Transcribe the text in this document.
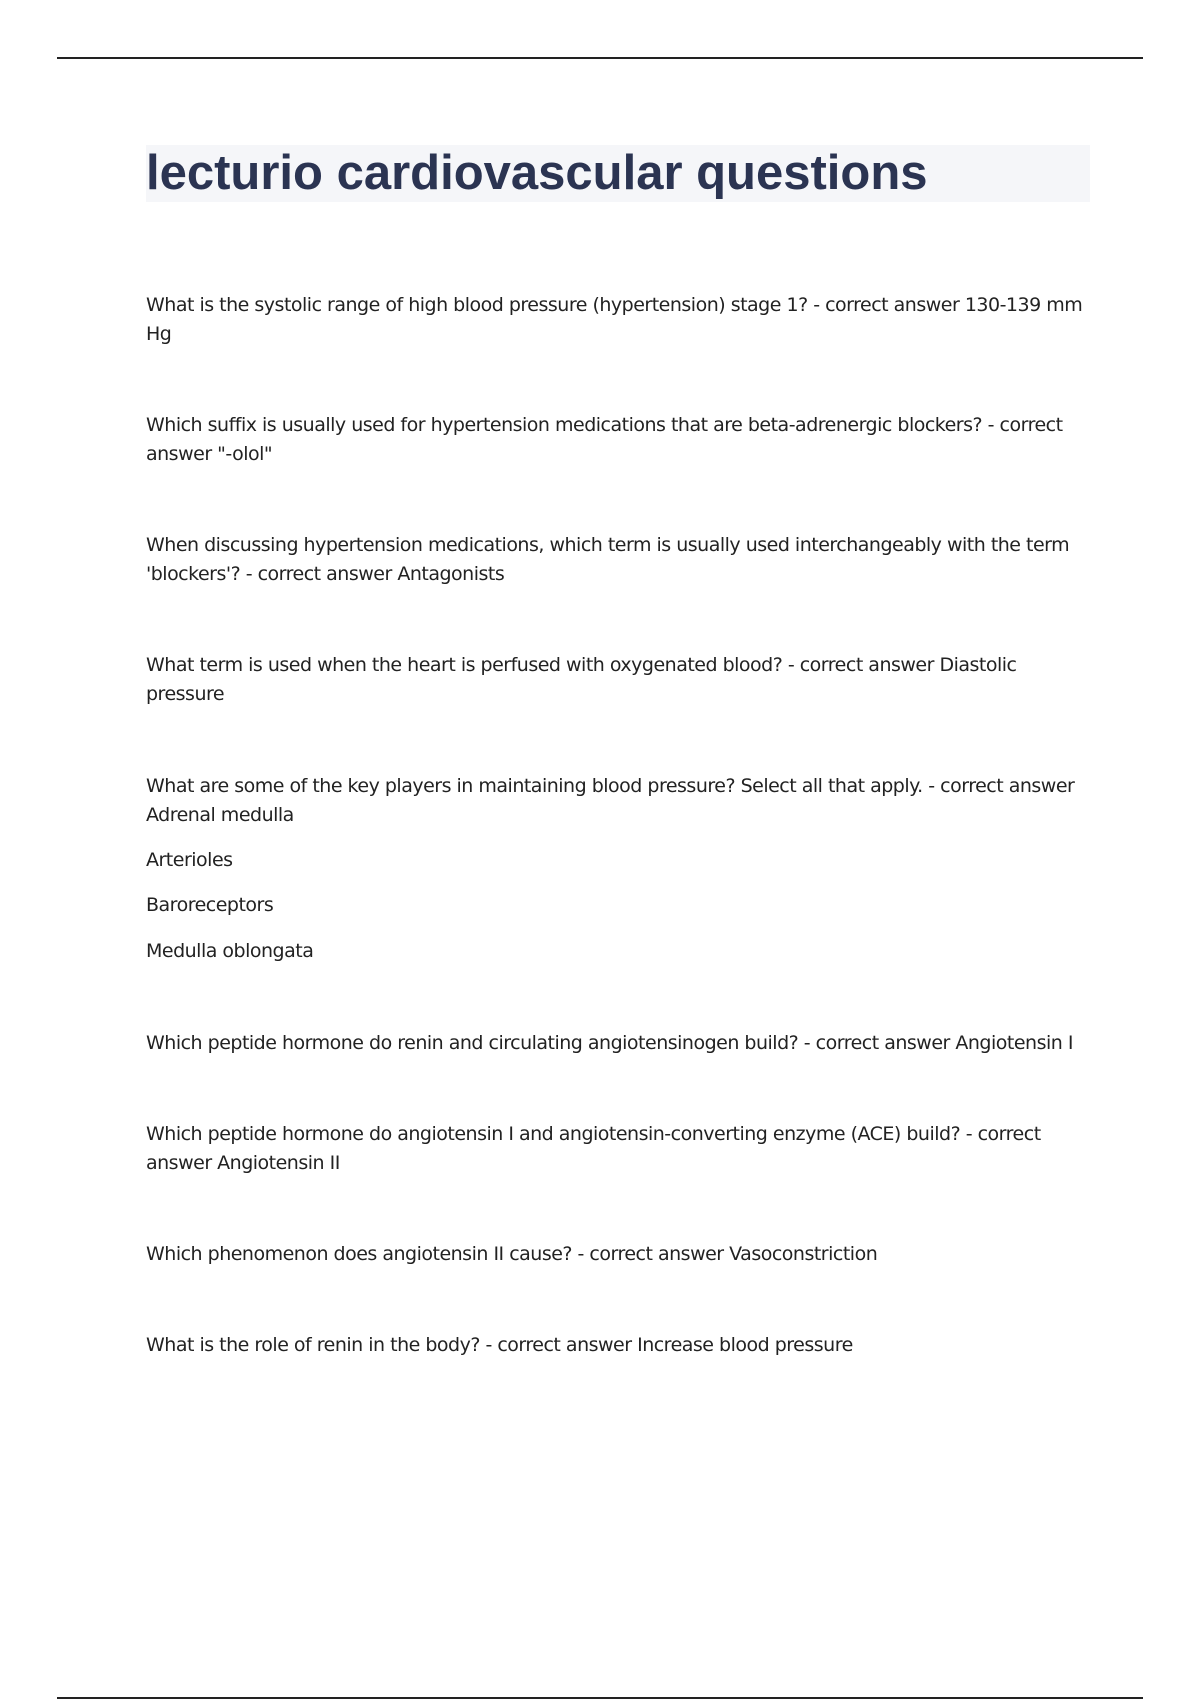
lecturio cardiovascular questions

What is the systolic range of high blood pressure (hypertension) stage 1? - correct answer 130-139 mm Hg

Which suffix is usually used for hypertension medications that are beta-adrenergic blockers? - correct answer "-olol"

When discussing hypertension medications, which term is usually used interchangeably with the term 'blockers'? - correct answer Antagonists

What term is used when the heart is perfused with oxygenated blood? - correct answer Diastolic pressure

What are some of the key players in maintaining blood pressure? Select all that apply. - correct answer Adrenal medulla

Arterioles
Baroreceptors
Medulla oblongata

Which peptide hormone do renin and circulating angiotensinogen build? - correct answer Angiotensin I

Which peptide hormone do angiotensin I and angiotensin-converting enzyme (ACE) build? - correct answer Angiotensin II

Which phenomenon does angiotensin II cause? - correct answer Vasoconstriction

What is the role of renin in the body? - correct answer Increase blood pressure
